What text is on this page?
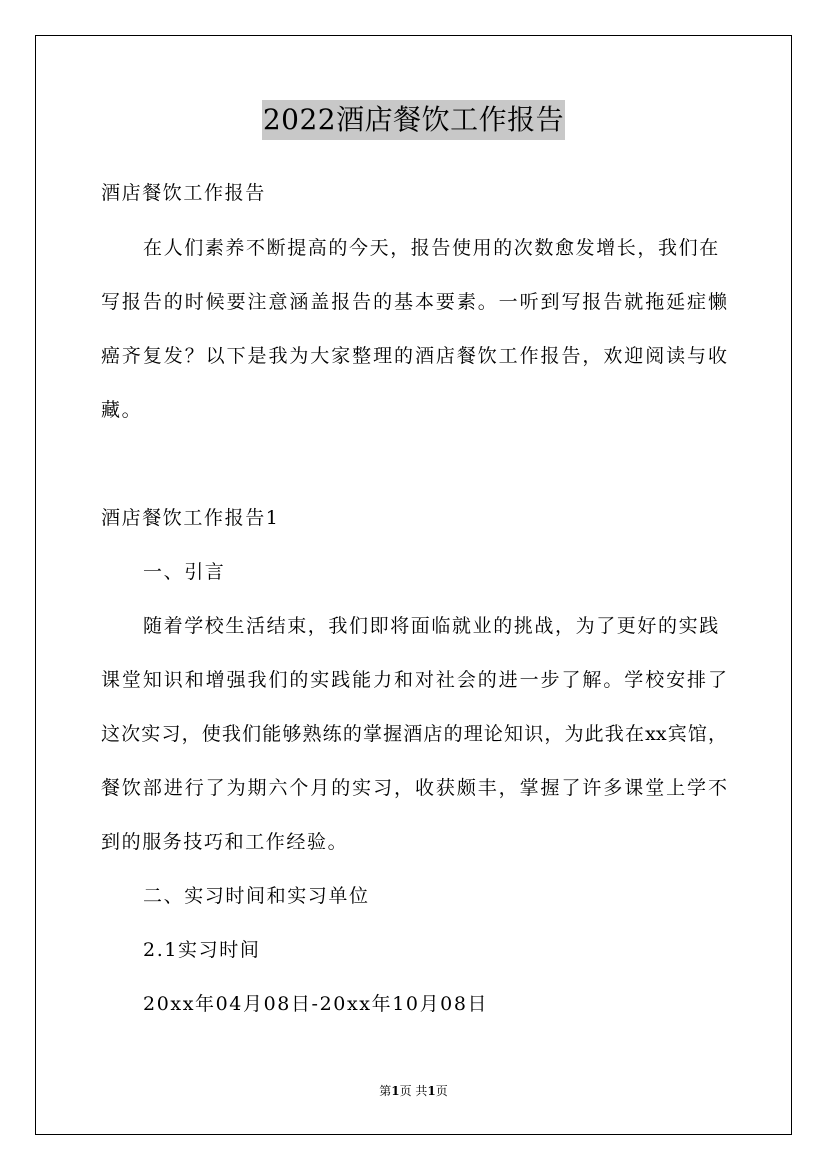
2022酒店餐饮工作报告
酒店餐饮工作报告
在人们素养不断提高的今天，报告使用的次数愈发增长，我们在
写报告的时候要注意涵盖报告的基本要素。一听到写报告就拖延症懒
癌齐复发？以下是我为大家整理的酒店餐饮工作报告，欢迎阅读与收
藏。
酒店餐饮工作报告1
一、引言
随着学校生活结束，我们即将面临就业的挑战，为了更好的实践
课堂知识和增强我们的实践能力和对社会的进一步了解。学校安排了
这次实习，使我们能够熟练的掌握酒店的理论知识，为此我在xx宾馆，
餐饮部进行了为期六个月的实习，收获颇丰，掌握了许多课堂上学不
到的服务技巧和工作经验。
二、实习时间和实习单位
2.1实习时间
20xx年04月08日-20xx年10月08日
第1页 共1页
